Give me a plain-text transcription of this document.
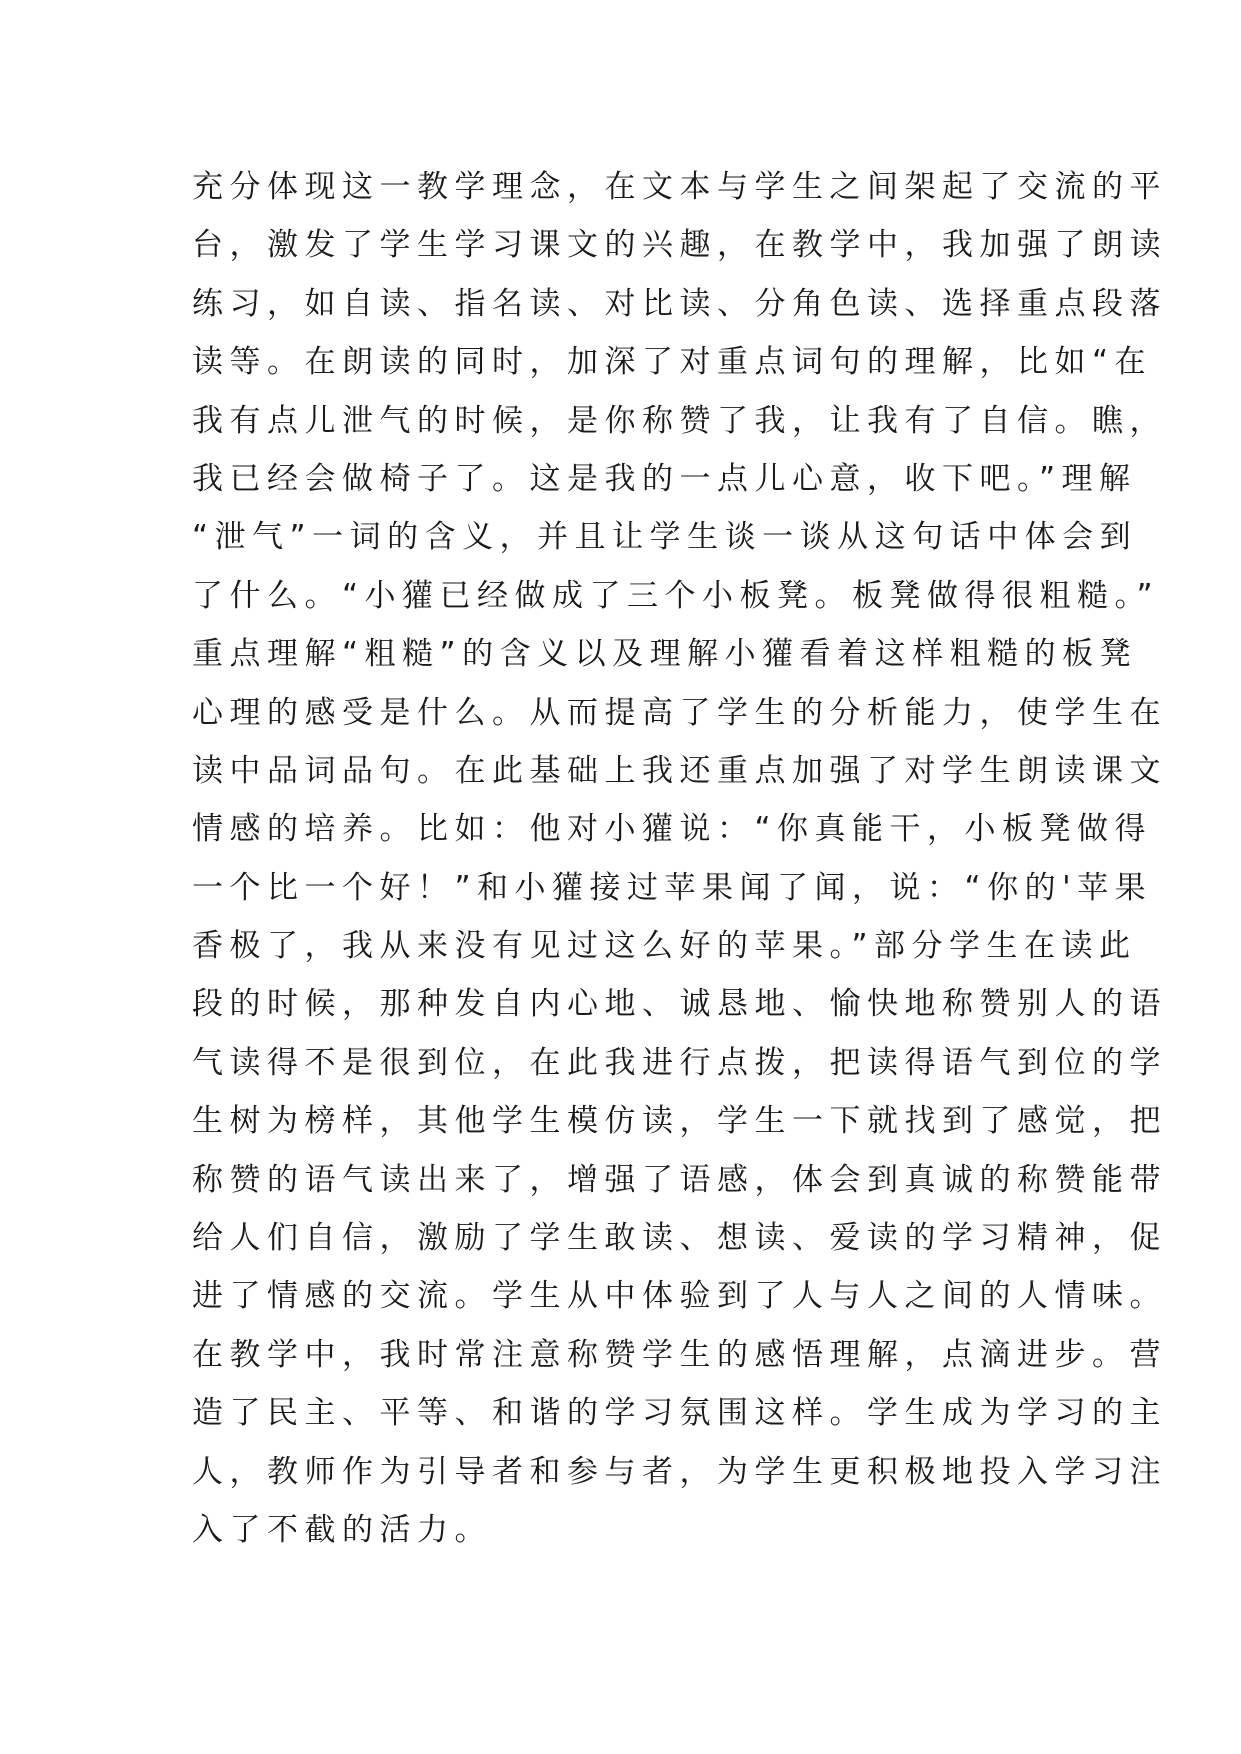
充分体现这一教学理念，在文本与学生之间架起了交流的平
台，激发了学生学习课文的兴趣，在教学中，我加强了朗读
练习，如自读、指名读、对比读、分角色读、选择重点段落
读等。在朗读的同时，加深了对重点词句的理解，比如“在
我有点儿泄气的时候，是你称赞了我，让我有了自信。瞧，
我已经会做椅子了。这是我的一点儿心意，收下吧。”理解
“泄气”一词的含义，并且让学生谈一谈从这句话中体会到
了什么。“小獾已经做成了三个小板凳。板凳做得很粗糙。”
重点理解“粗糙”的含义以及理解小獾看着这样粗糙的板凳
心理的感受是什么。从而提高了学生的分析能力，使学生在
读中品词品句。在此基础上我还重点加强了对学生朗读课文
情感的培养。比如：他对小獾说：“你真能干，小板凳做得
一个比一个好！”和小獾接过苹果闻了闻，说：“你的'苹果
香极了，我从来没有见过这么好的苹果。”部分学生在读此
段的时候，那种发自内心地、诚恳地、愉快地称赞别人的语
气读得不是很到位，在此我进行点拨，把读得语气到位的学
生树为榜样，其他学生模仿读，学生一下就找到了感觉，把
称赞的语气读出来了，增强了语感，体会到真诚的称赞能带
给人们自信，激励了学生敢读、想读、爱读的学习精神，促
进了情感的交流。学生从中体验到了人与人之间的人情味。
在教学中，我时常注意称赞学生的感悟理解，点滴进步。营
造了民主、平等、和谐的学习氛围这样。学生成为学习的主
人，教师作为引导者和参与者，为学生更积极地投入学习注
入了不截的活力。
